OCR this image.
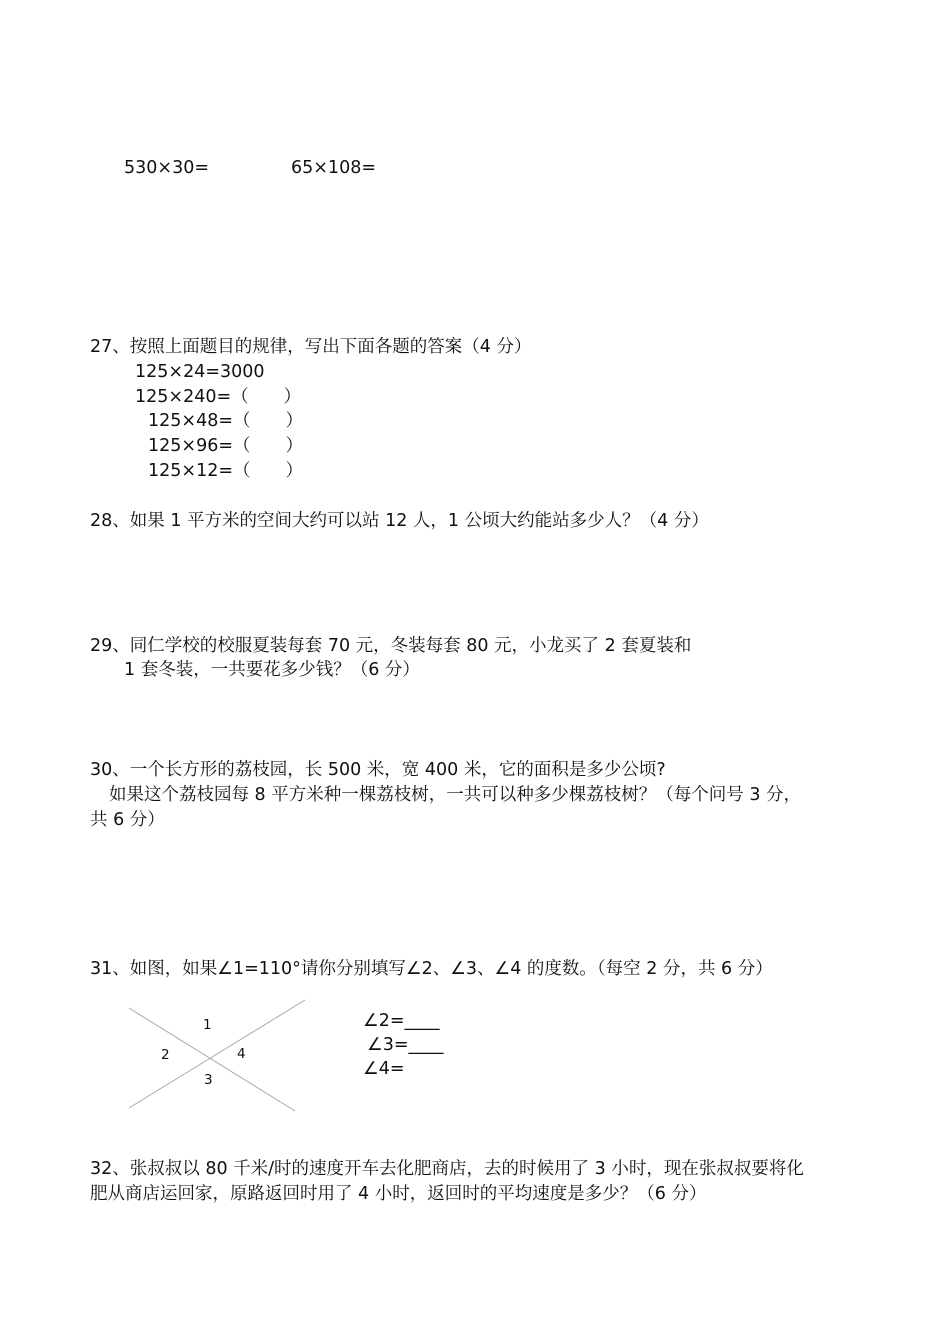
530×30=	65×108=
27、按照上面题目的规律，写出下面各题的答案（4 分）
125×24=3000
125×240=（　　）
125×48=（　　）
125×96=（　　）
125×12=（　　）
28、如果 1 平方米的空间大约可以站 12 人，1 公顷大约能站多少人？（4 分）
29、同仁学校的校服夏装每套 70 元，冬装每套 80 元，小龙买了 2 套夏装和
1 套冬装，一共要花多少钱？（6 分）
30、一个长方形的荔枝园，长 500 米，宽 400 米，它的面积是多少公顷?
如果这个荔枝园每 8 平方米种一棵荔枝树，一共可以种多少棵荔枝树？（每个问号 3 分，
共 6 分）
31、如图，如果∠1=110°请你分别填写∠2、∠3、∠4 的度数。（每空 2 分，共 6 分）
1
2	4
3
∠2=____
∠3=____
∠4=
32、张叔叔以 80 千米/时的速度开车去化肥商店，去的时候用了 3 小时，现在张叔叔要将化
肥从商店运回家，原路返回时用了 4 小时，返回时的平均速度是多少？（6 分）
